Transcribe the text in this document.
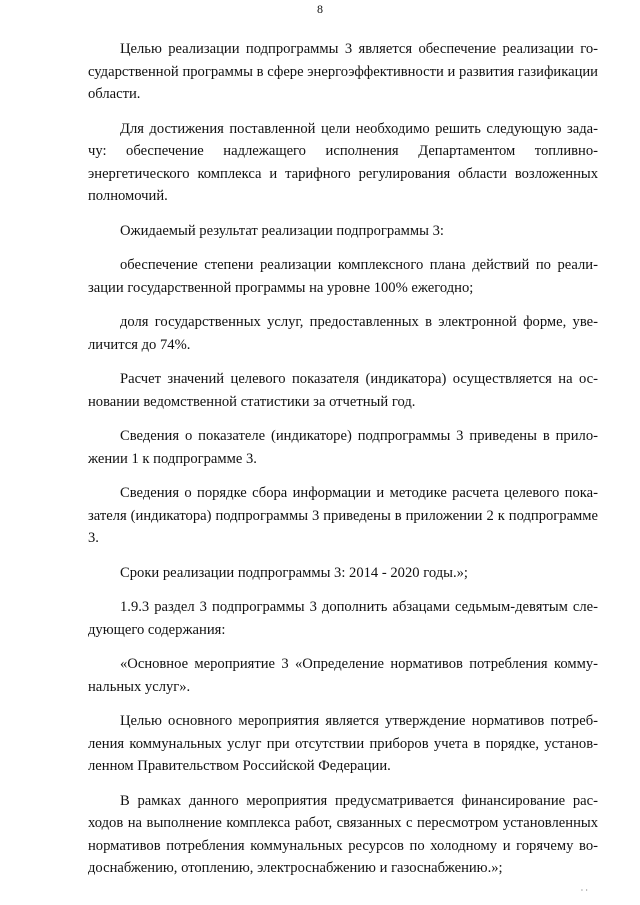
8

Целью реализации подпрограммы 3 является обеспечение реализации государственной программы в сфере энергоэффективности и развития газификации области.

Для достижения поставленной цели необходимо решить следующую задачу: обеспечение надлежащего исполнения Департаментом топливно-энергетического комплекса и тарифного регулирования области возложенных полномочий.

Ожидаемый результат реализации подпрограммы 3:

обеспечение степени реализации комплексного плана действий по реализации государственной программы на уровне 100% ежегодно;

доля государственных услуг, предоставленных в электронной форме, увеличится до 74%.

Расчет значений целевого показателя (индикатора) осуществляется на основании ведомственной статистики за отчетный год.

Сведения о показателе (индикаторе) подпрограммы 3 приведены в приложении 1 к подпрограмме 3.

Сведения о порядке сбора информации и методике расчета целевого показателя (индикатора) подпрограммы 3 приведены в приложении 2 к подпрограмме 3.

Сроки реализации подпрограммы 3: 2014 - 2020 годы.»;

1.9.3 раздел 3 подпрограммы 3 дополнить абзацами седьмым-девятым следующего содержания:

«Основное мероприятие 3 «Определение нормативов потребления коммунальных услуг».

Целью основного мероприятия является утверждение нормативов потребления коммунальных услуг при отсутствии приборов учета в порядке, установленном Правительством Российской Федерации.

В рамках данного мероприятия предусматривается финансирование расходов на выполнение комплекса работ, связанных с пересмотром установленных нормативов потребления коммунальных ресурсов по холодному и горячему водоснабжению, отоплению, электроснабжению и газоснабжению.»;

· ·
